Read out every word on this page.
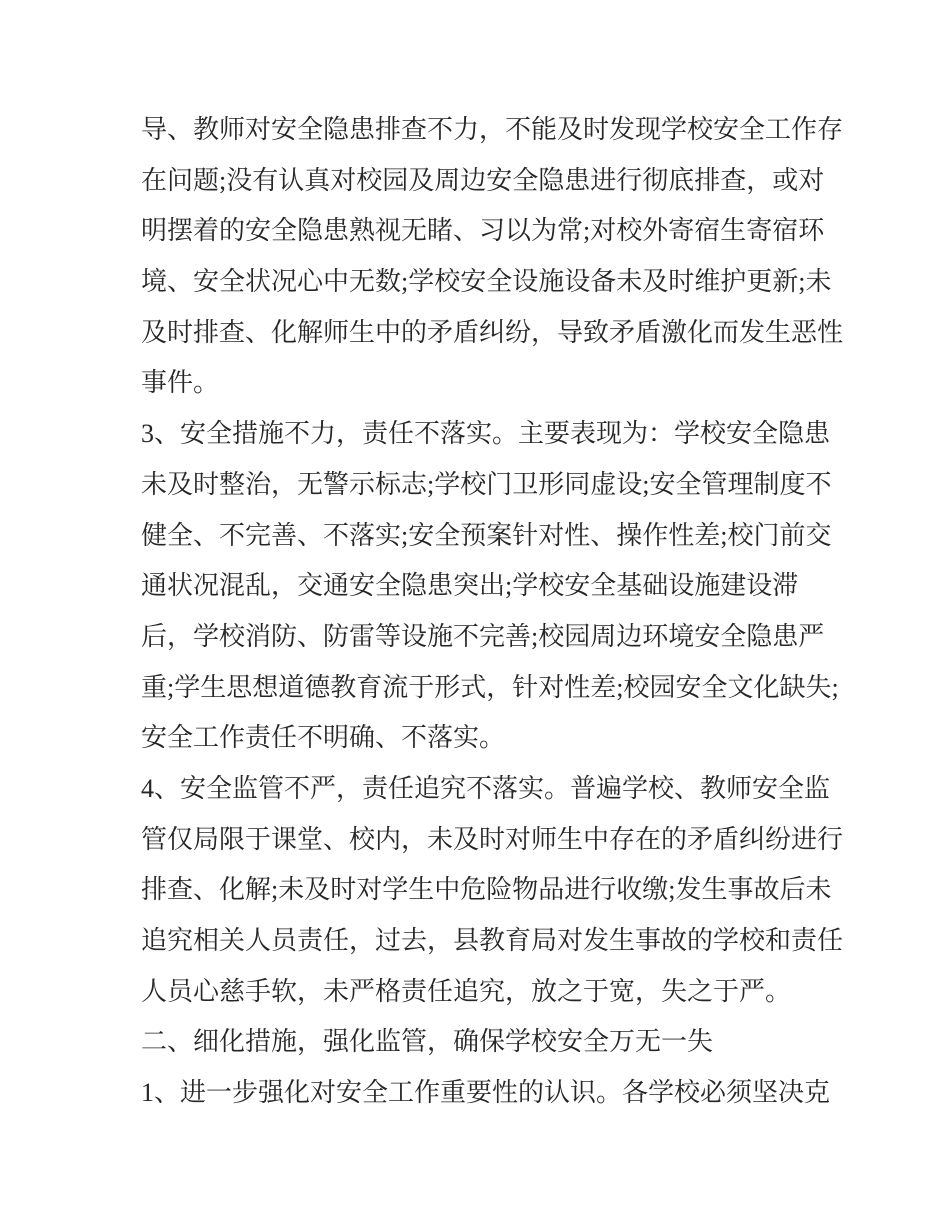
导、教师对安全隐患排查不力，不能及时发现学校安全工作存
在问题;没有认真对校园及周边安全隐患进行彻底排查，或对
明摆着的安全隐患熟视无睹、习以为常;对校外寄宿生寄宿环
境、安全状况心中无数;学校安全设施设备未及时维护更新;未
及时排查、化解师生中的矛盾纠纷，导致矛盾激化而发生恶性
事件。
3、安全措施不力，责任不落实。主要表现为：学校安全隐患
未及时整治，无警示标志;学校门卫形同虚设;安全管理制度不
健全、不完善、不落实;安全预案针对性、操作性差;校门前交
通状况混乱，交通安全隐患突出;学校安全基础设施建设滞
后，学校消防、防雷等设施不完善;校园周边环境安全隐患严
重;学生思想道德教育流于形式，针对性差;校园安全文化缺失;
安全工作责任不明确、不落实。
4、安全监管不严，责任追究不落实。普遍学校、教师安全监
管仅局限于课堂、校内，未及时对师生中存在的矛盾纠纷进行
排查、化解;未及时对学生中危险物品进行收缴;发生事故后未
追究相关人员责任，过去，县教育局对发生事故的学校和责任
人员心慈手软，未严格责任追究，放之于宽，失之于严。
二、细化措施，强化监管，确保学校安全万无一失
1、进一步强化对安全工作重要性的认识。各学校必须坚决克
